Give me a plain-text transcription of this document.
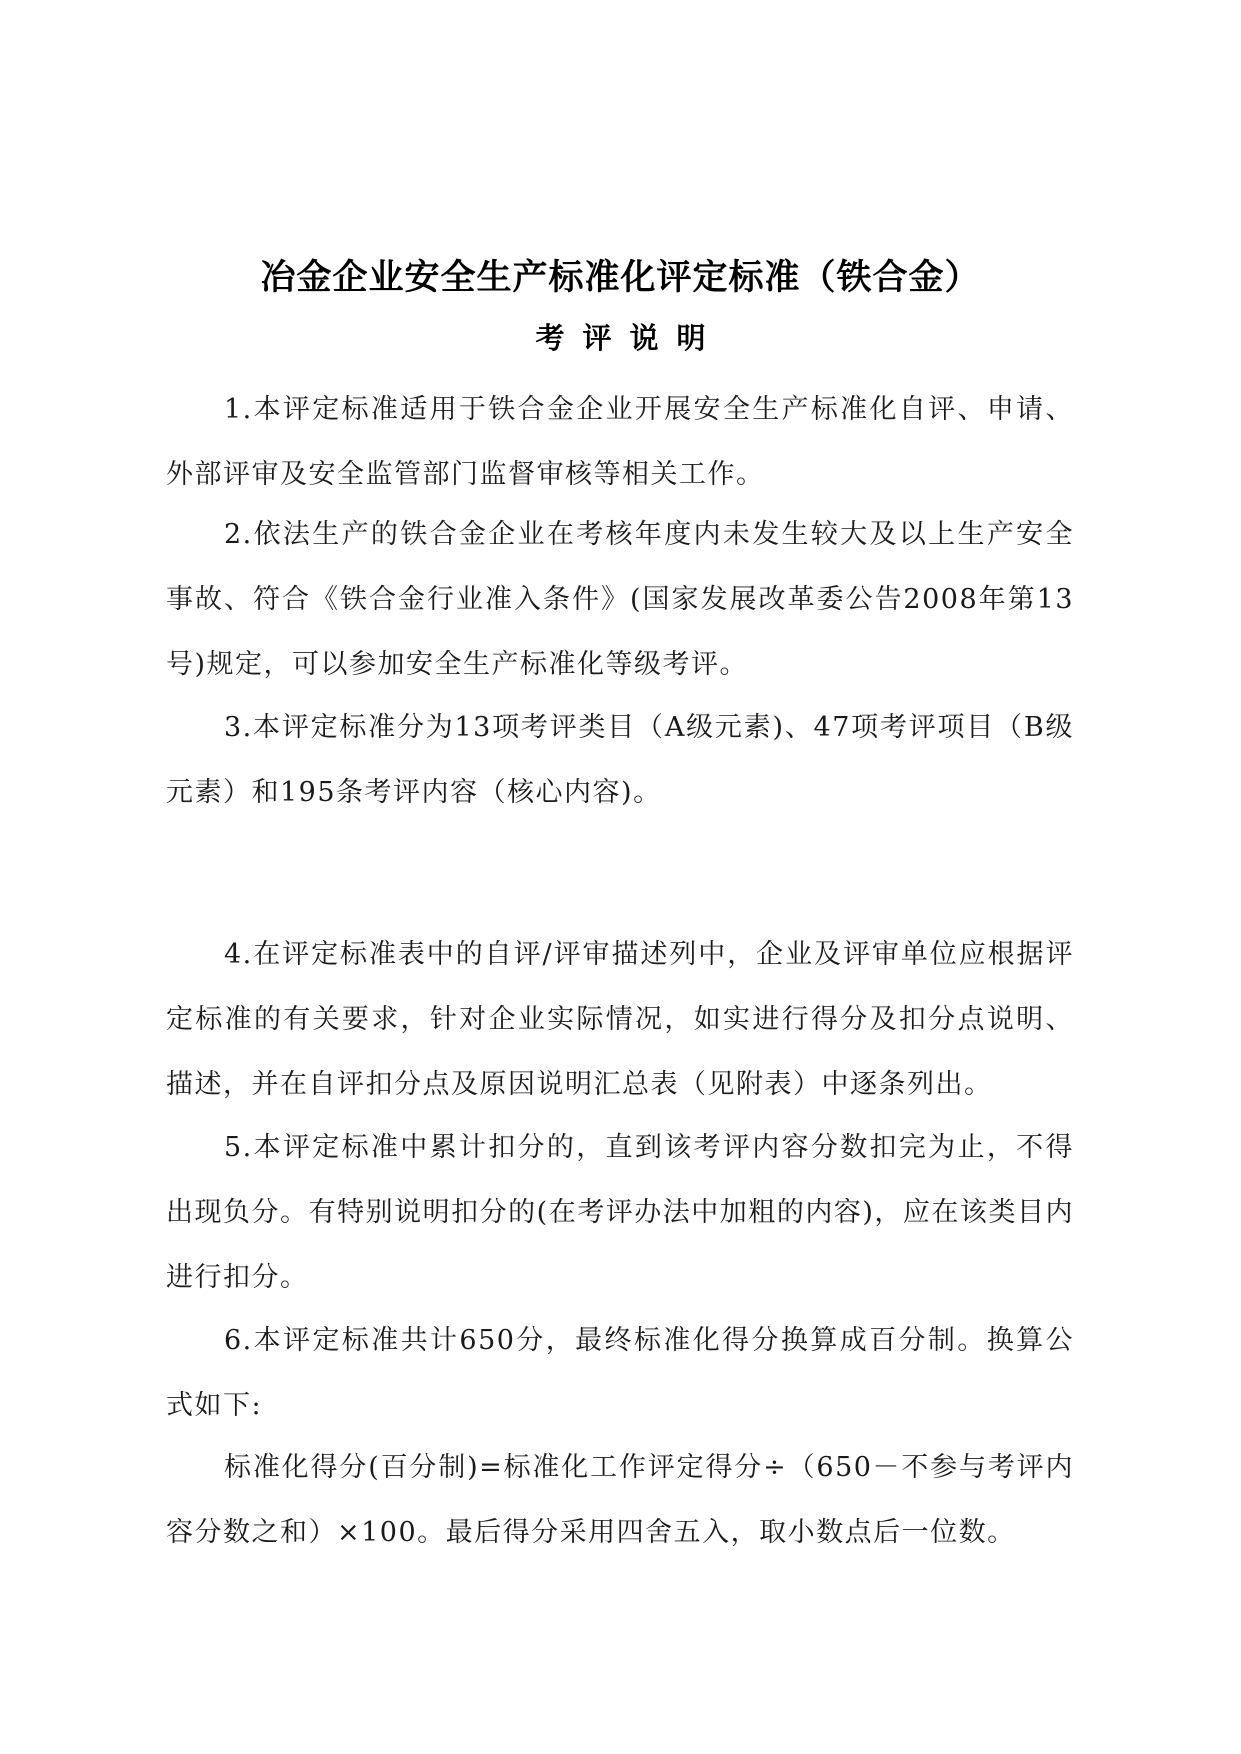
冶金企业安全生产标准化评定标准（铁合金）
考评说明

1.本评定标准适用于铁合金企业开展安全生产标准化自评、申请、外部评审及安全监管部门监督审核等相关工作。

2.依法生产的铁合金企业在考核年度内未发生较大及以上生产安全事故、符合《铁合金行业准入条件》(国家发展改革委公告2008年第13号)规定，可以参加安全生产标准化等级考评。

3.本评定标准分为13项考评类目（A级元素)、47项考评项目（B级元素）和195条考评内容（核心内容)。

4.在评定标准表中的自评/评审描述列中，企业及评审单位应根据评定标准的有关要求，针对企业实际情况，如实进行得分及扣分点说明、描述，并在自评扣分点及原因说明汇总表（见附表）中逐条列出。

5.本评定标准中累计扣分的，直到该考评内容分数扣完为止，不得出现负分。有特别说明扣分的(在考评办法中加粗的内容)，应在该类目内进行扣分。

6.本评定标准共计650分，最终标准化得分换算成百分制。换算公式如下:

标准化得分(百分制)=标准化工作评定得分÷（650－不参与考评内容分数之和）×100。最后得分采用四舍五入，取小数点后一位数。
